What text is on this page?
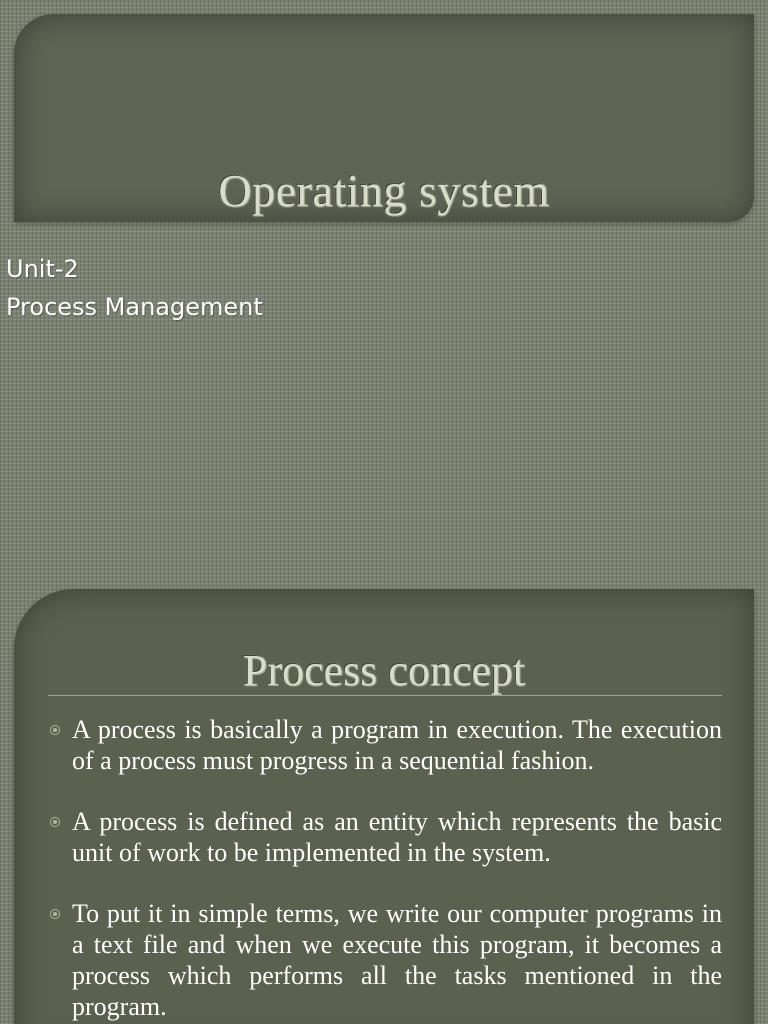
Operating system
Unit-2
Process Management
Process concept
A process is basically a program in execution. The execution of a process must progress in a sequential fashion.
A process is defined as an entity which represents the basic unit of work to be implemented in the system.
To put it in simple terms, we write our computer programs in a text file and when we execute this program, it becomes a process which performs all the tasks mentioned in the program.
